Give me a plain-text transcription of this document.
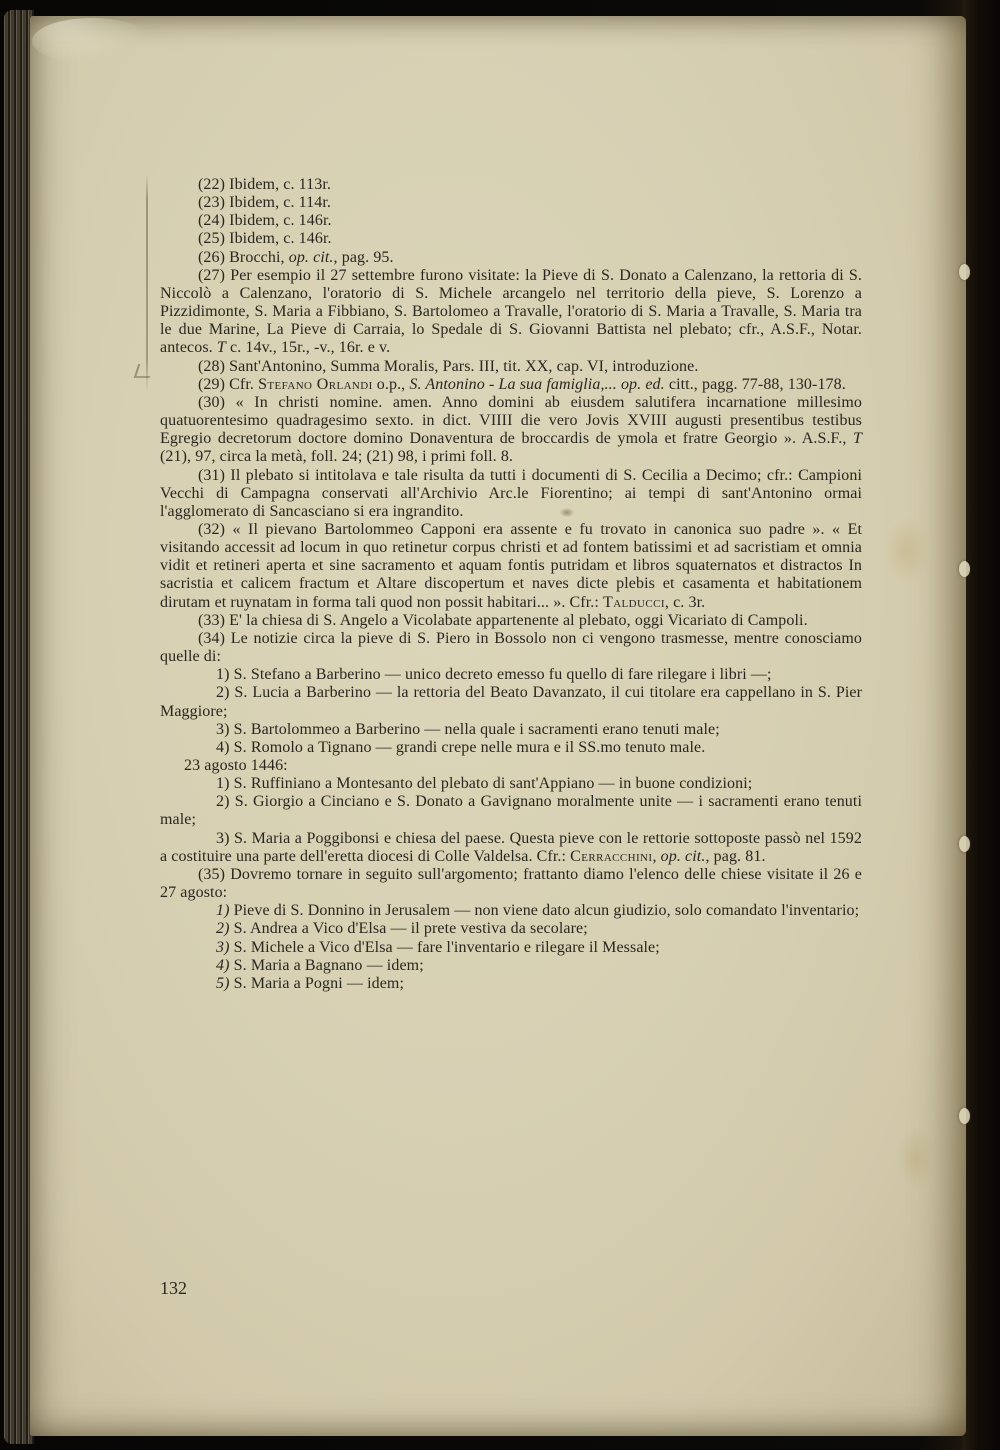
(22) Ibidem, c. 113r.

(23) Ibidem, c. 114r.

(24) Ibidem, c. 146r.

(25) Ibidem, c. 146r.

(26) Brocchi, op. cit., pag. 95.

(27) Per esempio il 27 settembre furono visitate: la Pieve di S. Donato a Calenzano, la rettoria di S. Niccolò a Calenzano, l'oratorio di S. Michele arcangelo nel territorio della pieve, S. Lorenzo a Pizzidimonte, S. Maria a Fibbiano, S. Bartolomeo a Travalle, l'oratorio di S. Maria a Travalle, S. Maria tra le due Marine, La Pieve di Carraia, lo Spedale di S. Giovanni Battista nel plebato; cfr., A.S.F., Notar. antecos. T c. 14v., 15r., -v., 16r. e v.

(28) Sant'Antonino, Summa Moralis, Pars. III, tit. XX, cap. VI, introduzione.

(29) Cfr. Stefano Orlandi o.p., S. Antonino - La sua famiglia,... op. ed. citt., pagg. 77-88, 130-178.

(30) « In christi nomine. amen. Anno domini ab eiusdem salutifera incarnatione millesimo quatuorentesimo quadragesimo sexto. in dict. VIIII die vero Jovis XVIII augusti presentibus testibus Egregio decretorum doctore domino Donaventura de broccardis de ymola et fratre Georgio ». A.S.F., T (21), 97, circa la metà, foll. 24; (21) 98, i primi foll. 8.

(31) Il plebato si intitolava e tale risulta da tutti i documenti di S. Cecilia a Decimo; cfr.: Campioni Vecchi di Campagna conservati all'Archivio Arc.le Fiorentino; ai tempi di sant'Antonino ormai l'agglomerato di Sancasciano si era ingrandito.

(32) « Il pievano Bartolommeo Capponi era assente e fu trovato in canonica suo padre ». « Et visitando accessit ad locum in quo retinetur corpus christi et ad fontem batissimi et ad sacristiam et omnia vidit et retineri aperta et sine sacramento et aquam fontis putridam et libros squaternatos et distractos In sacristia et calicem fractum et Altare discopertum et naves dicte plebis et casamenta et habitationem dirutam et ruynatam in forma tali quod non possit habitari... ». Cfr.: Talducci, c. 3r.

(33) E' la chiesa di S. Angelo a Vicolabate appartenente al plebato, oggi Vicariato di Campoli.

(34) Le notizie circa la pieve di S. Piero in Bossolo non ci vengono trasmesse, mentre conosciamo quelle di:

1) S. Stefano a Barberino — unico decreto emesso fu quello di fare rilegare i libri —;

2) S. Lucia a Barberino — la rettoria del Beato Davanzato, il cui titolare era cappellano in S. Pier Maggiore;

3) S. Bartolommeo a Barberino — nella quale i sacramenti erano tenuti male;

4) S. Romolo a Tignano — grandi crepe nelle mura e il SS.mo tenuto male.

23 agosto 1446:

1) S. Ruffiniano a Montesanto del plebato di sant'Appiano — in buone condizioni;

2) S. Giorgio a Cinciano e S. Donato a Gavignano moralmente unite — i sacramenti erano tenuti male;

3) S. Maria a Poggibonsi e chiesa del paese. Questa pieve con le rettorie sottoposte passò nel 1592 a costituire una parte dell'eretta diocesi di Colle Valdelsa. Cfr.: Cerracchini, op. cit., pag. 81.

(35) Dovremo tornare in seguito sull'argomento; frattanto diamo l'elenco delle chiese visitate il 26 e 27 agosto:

1) Pieve di S. Donnino in Jerusalem — non viene dato alcun giudizio, solo comandato l'inventario;

2) S. Andrea a Vico d'Elsa — il prete vestiva da secolare;

3) S. Michele a Vico d'Elsa — fare l'inventario e rilegare il Messale;

4) S. Maria a Bagnano — idem;

5) S. Maria a Pogni — idem;

132
